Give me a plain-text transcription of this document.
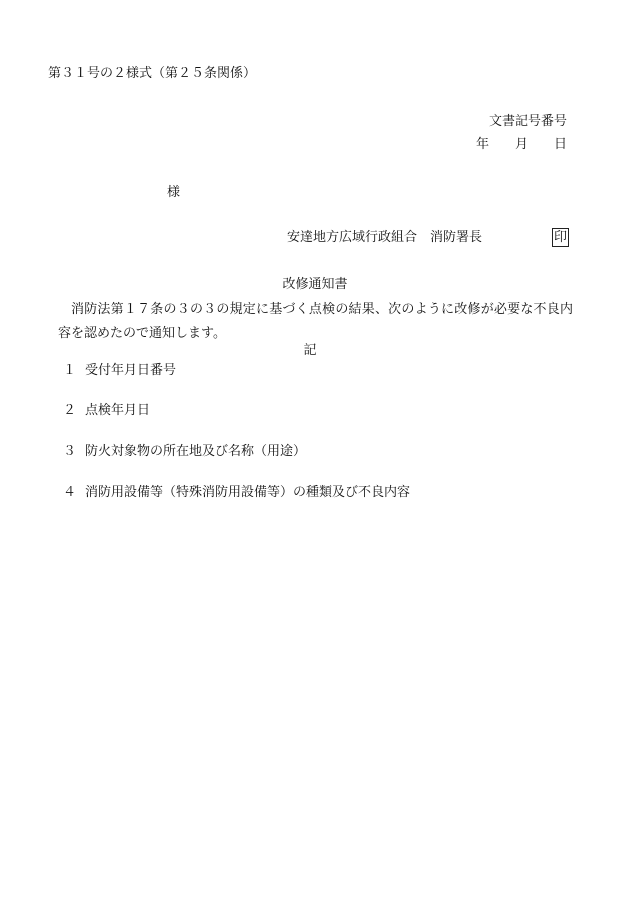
第３１号の２様式（第２５条関係）
文書記号番号
年 月 日
様
安達地方広域行政組合　消防署長	印
改修通知書
消防法第１７条の３の３の規定に基づく点検の結果、次のように改修が必要な不良内容を認めたので通知します。
記
１ 受付年月日番号
２ 点検年月日
３ 防火対象物の所在地及び名称（用途）
４ 消防用設備等（特殊消防用設備等）の種類及び不良内容
